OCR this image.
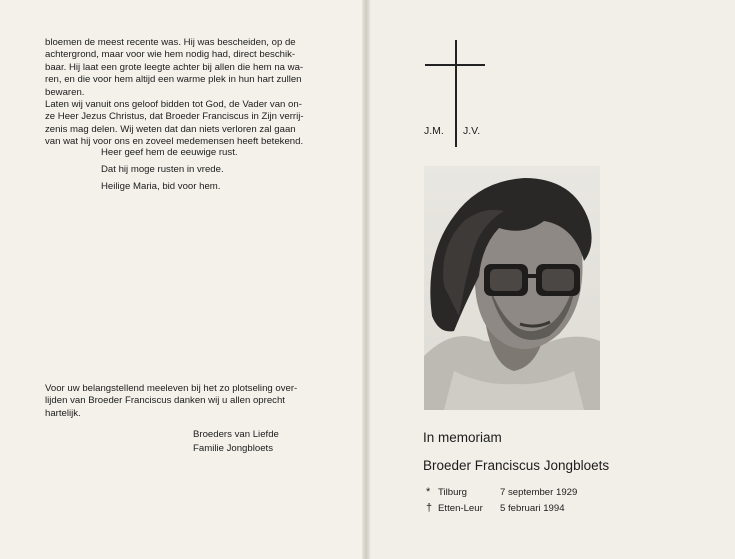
bloemen de meest recente was. Hij was bescheiden, op de
achtergrond, maar voor wie hem nodig had, direct beschik-
baar. Hij laat een grote leegte achter bij allen die hem na wa-
ren, en die voor hem altijd een warme plek in hun hart zullen
bewaren.
Laten wij vanuit ons geloof bidden tot God, de Vader van on-
ze Heer Jezus Christus, dat Broeder Franciscus in Zijn verrij-
zenis mag delen. Wij weten dat dan niets verloren zal gaan
van wat hij voor ons en zoveel medemensen heeft betekend.
Heer geef hem de eeuwige rust.
Dat hij moge rusten in vrede.
Heilige Maria, bid voor hem.
Voor uw belangstellend meeleven bij het zo plotseling over-
lijden van Broeder Franciscus danken wij u allen oprecht
hartelijk.
Broeders van Liefde
Familie Jongbloets
J.M. J.V.
In memoriam
Broeder Franciscus Jongbloets
* Tilburg	7 september 1929
† Etten-Leur 5 februari 1994
